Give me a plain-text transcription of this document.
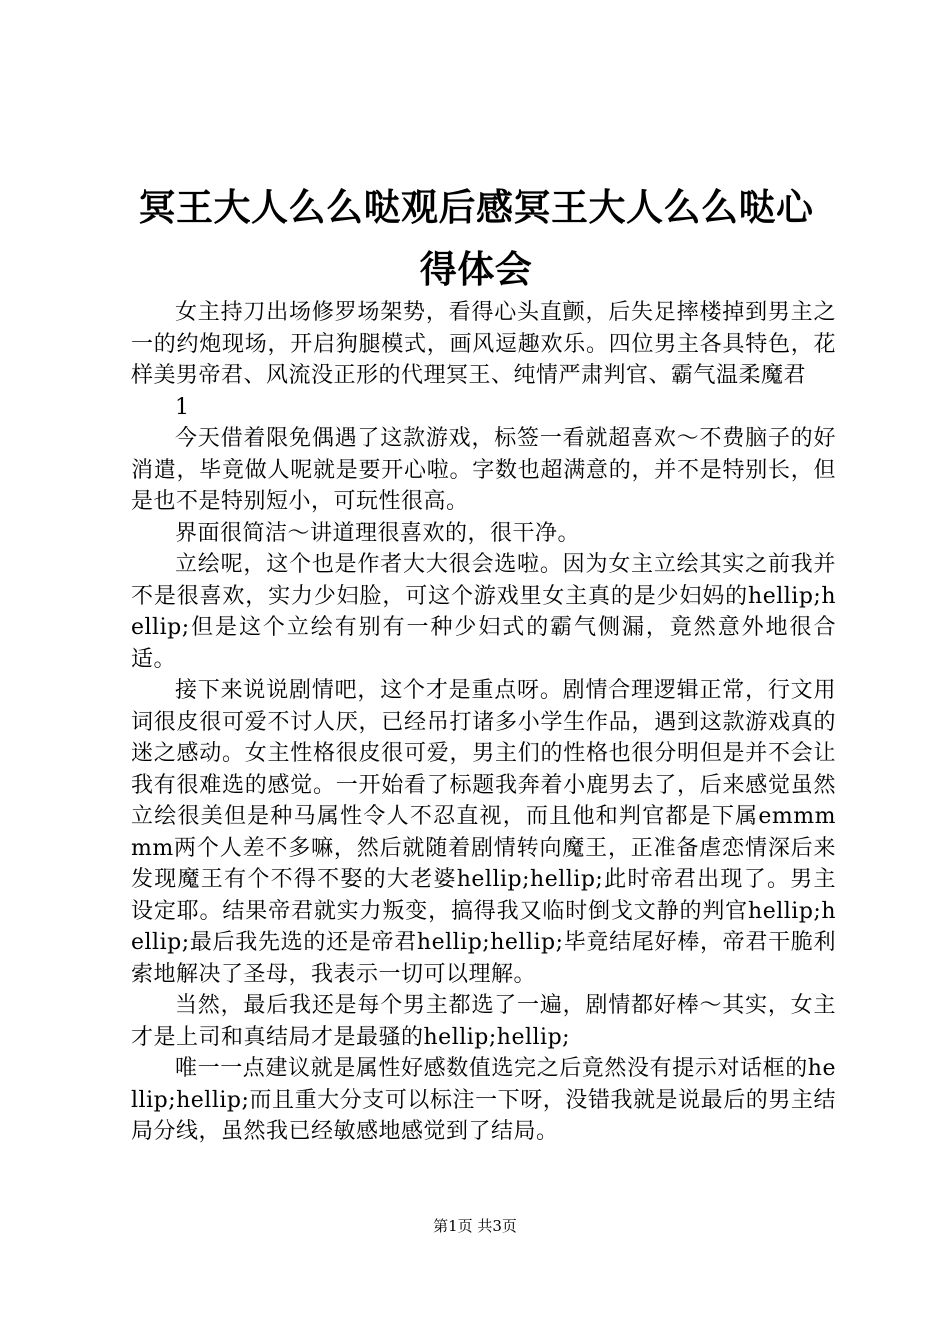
冥王大人么么哒观后感冥王大人么么哒心得体会

女主持刀出场修罗场架势，看得心头直颤，后失足摔楼掉到男主之一的约炮现场，开启狗腿模式，画风逗趣欢乐。四位男主各具特色，花样美男帝君、风流没正形的代理冥王、纯情严肃判官、霸气温柔魔君

1

今天借着限免偶遇了这款游戏，标签一看就超喜欢～不费脑子的好消遣，毕竟做人呢就是要开心啦。字数也超满意的，并不是特别长，但是也不是特别短小，可玩性很高。

界面很简洁～讲道理很喜欢的，很干净。

立绘呢，这个也是作者大大很会选啦。因为女主立绘其实之前我并不是很喜欢，实力少妇脸，可这个游戏里女主真的是少妇妈的hellip;hellip;但是这个立绘有别有一种少妇式的霸气侧漏，竟然意外地很合适。

接下来说说剧情吧，这个才是重点呀。剧情合理逻辑正常，行文用词很皮很可爱不讨人厌，已经吊打诸多小学生作品，遇到这款游戏真的迷之感动。女主性格很皮很可爱，男主们的性格也很分明但是并不会让我有很难选的感觉。一开始看了标题我奔着小鹿男去了，后来感觉虽然立绘很美但是种马属性令人不忍直视，而且他和判官都是下属emmmmm两个人差不多嘛，然后就随着剧情转向魔王，正准备虐恋情深后来发现魔王有个不得不娶的大老婆hellip;hellip;此时帝君出现了。男主设定耶。结果帝君就实力叛变，搞得我又临时倒戈文静的判官hellip;hellip;最后我先选的还是帝君hellip;hellip;毕竟结尾好棒，帝君干脆利索地解决了圣母，我表示一切可以理解。

当然，最后我还是每个男主都选了一遍，剧情都好棒～其实，女主才是上司和真结局才是最骚的hellip;hellip;

唯一一点建议就是属性好感数值选完之后竟然没有提示对话框的hellip;hellip;而且重大分支可以标注一下呀，没错我就是说最后的男主结局分线，虽然我已经敏感地感觉到了结局。

第1页 共3页
